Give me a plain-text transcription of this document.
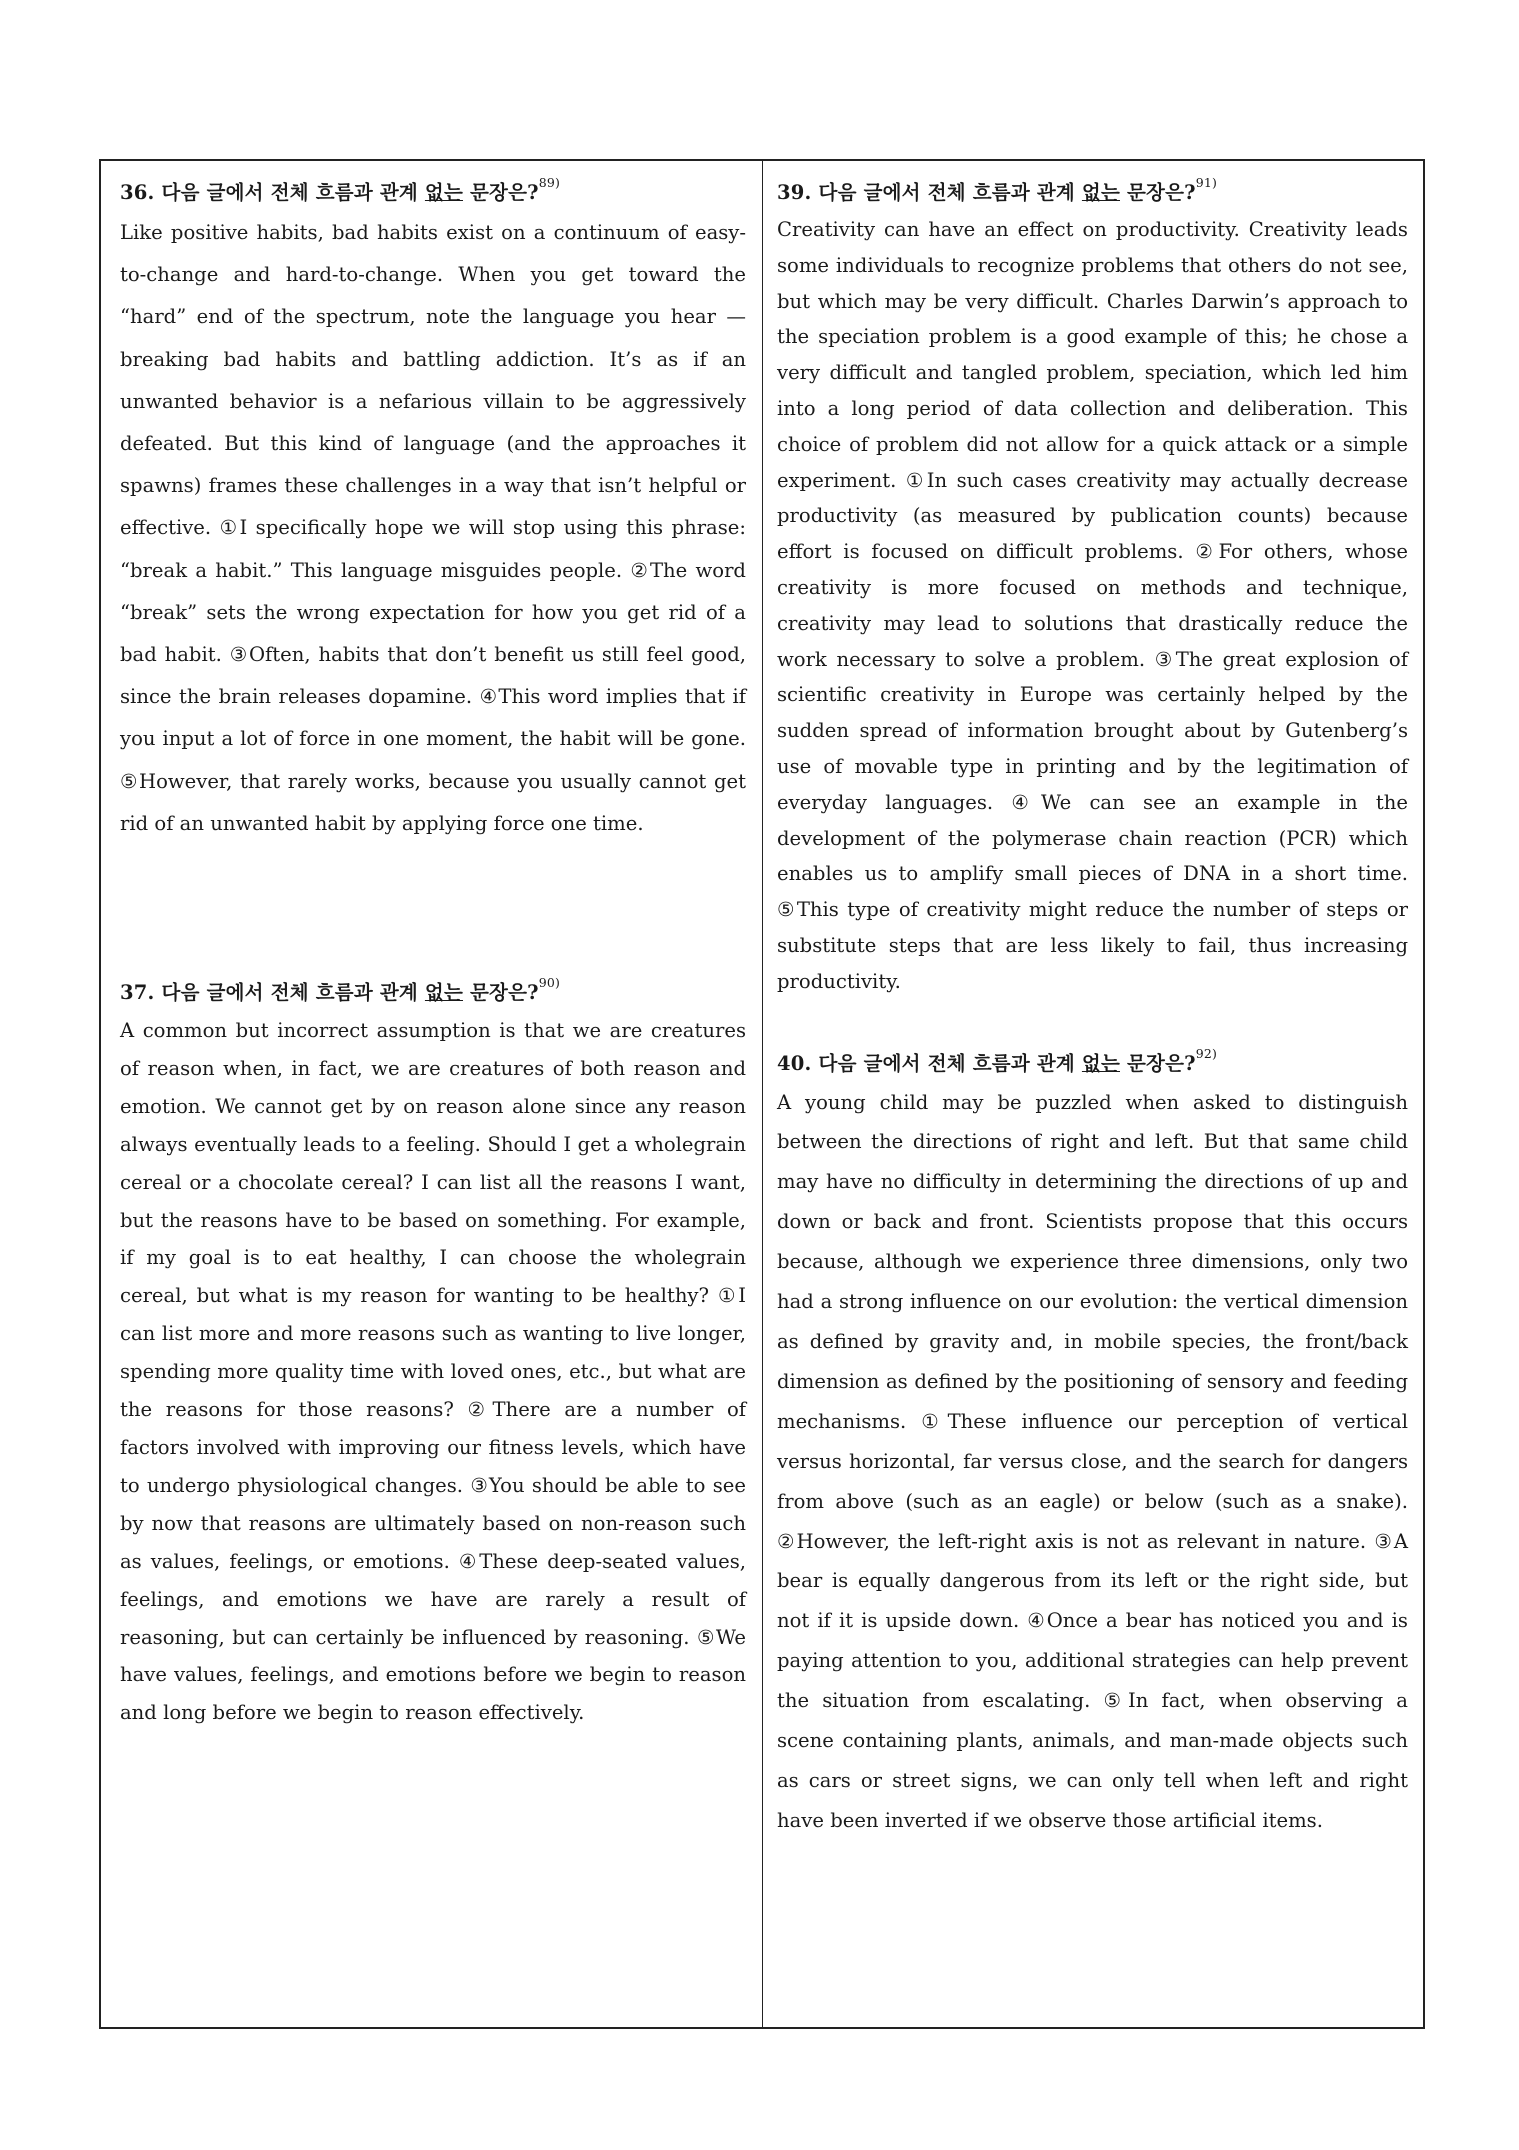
36. 다음 글에서 전체 흐름과 관계 없는 문장은?$^{89)}$

Like positive habits, bad habits exist on a continuum of easy-to-change and hard-to-change. When you get toward the “hard” end of the spectrum, note the language you hear — breaking bad habits and battling addiction. It’s as if an unwanted behavior is a nefarious villain to be aggressively defeated. But this kind of language (and the approaches it spawns) frames these challenges in a way that isn’t helpful or effective. ①I specifically hope we will stop using this phrase: “break a habit.” This language misguides people. ②The word “break” sets the wrong expectation for how you get rid of a bad habit. ③Often, habits that don’t benefit us still feel good, since the brain releases dopamine. ④This word implies that if you input a lot of force in one moment, the habit will be gone. ⑤However, that rarely works, because you usually cannot get rid of an unwanted habit by applying force one time.

37. 다음 글에서 전체 흐름과 관계 없는 문장은?$^{90)}$

A common but incorrect assumption is that we are creatures of reason when, in fact, we are creatures of both reason and emotion. We cannot get by on reason alone since any reason always eventually leads to a feeling. Should I get a wholegrain cereal or a chocolate cereal? I can list all the reasons I want, but the reasons have to be based on something. For example, if my goal is to eat healthy, I can choose the wholegrain cereal, but what is my reason for wanting to be healthy? ①I can list more and more reasons such as wanting to live longer, spending more quality time with loved ones, etc., but what are the reasons for those reasons? ②There are a number of factors involved with improving our fitness levels, which have to undergo physiological changes. ③You should be able to see by now that reasons are ultimately based on non-reason such as values, feelings, or emotions. ④These deep-seated values, feelings, and emotions we have are rarely a result of reasoning, but can certainly be influenced by reasoning. ⑤We have values, feelings, and emotions before we begin to reason and long before we begin to reason effectively.

39. 다음 글에서 전체 흐름과 관계 없는 문장은?$^{91)}$

Creativity can have an effect on productivity. Creativity leads some individuals to recognize problems that others do not see, but which may be very difficult. Charles Darwin’s approach to the speciation problem is a good example of this; he chose a very difficult and tangled problem, speciation, which led him into a long period of data collection and deliberation. This choice of problem did not allow for a quick attack or a simple experiment. ①In such cases creativity may actually decrease productivity (as measured by publication counts) because effort is focused on difficult problems. ②For others, whose creativity is more focused on methods and technique, creativity may lead to solutions that drastically reduce the work necessary to solve a problem. ③The great explosion of scientific creativity in Europe was certainly helped by the sudden spread of information brought about by Gutenberg’s use of movable type in printing and by the legitimation of everyday languages. ④We can see an example in the development of the polymerase chain reaction (PCR) which enables us to amplify small pieces of DNA in a short time. ⑤This type of creativity might reduce the number of steps or substitute steps that are less likely to fail, thus increasing productivity.

40. 다음 글에서 전체 흐름과 관계 없는 문장은?$^{92)}$

A young child may be puzzled when asked to distinguish between the directions of right and left. But that same child may have no difficulty in determining the directions of up and down or back and front. Scientists propose that this occurs because, although we experience three dimensions, only two had a strong influence on our evolution: the vertical dimension as defined by gravity and, in mobile species, the front/back dimension as defined by the positioning of sensory and feeding mechanisms. ①These influence our perception of vertical versus horizontal, far versus close, and the search for dangers from above (such as an eagle) or below (such as a snake). ②However, the left-right axis is not as relevant in nature. ③A bear is equally dangerous from its left or the right side, but not if it is upside down. ④Once a bear has noticed you and is paying attention to you, additional strategies can help prevent the situation from escalating. ⑤In fact, when observing a scene containing plants, animals, and man-made objects such as cars or street signs, we can only tell when left and right have been inverted if we observe those artificial items.
